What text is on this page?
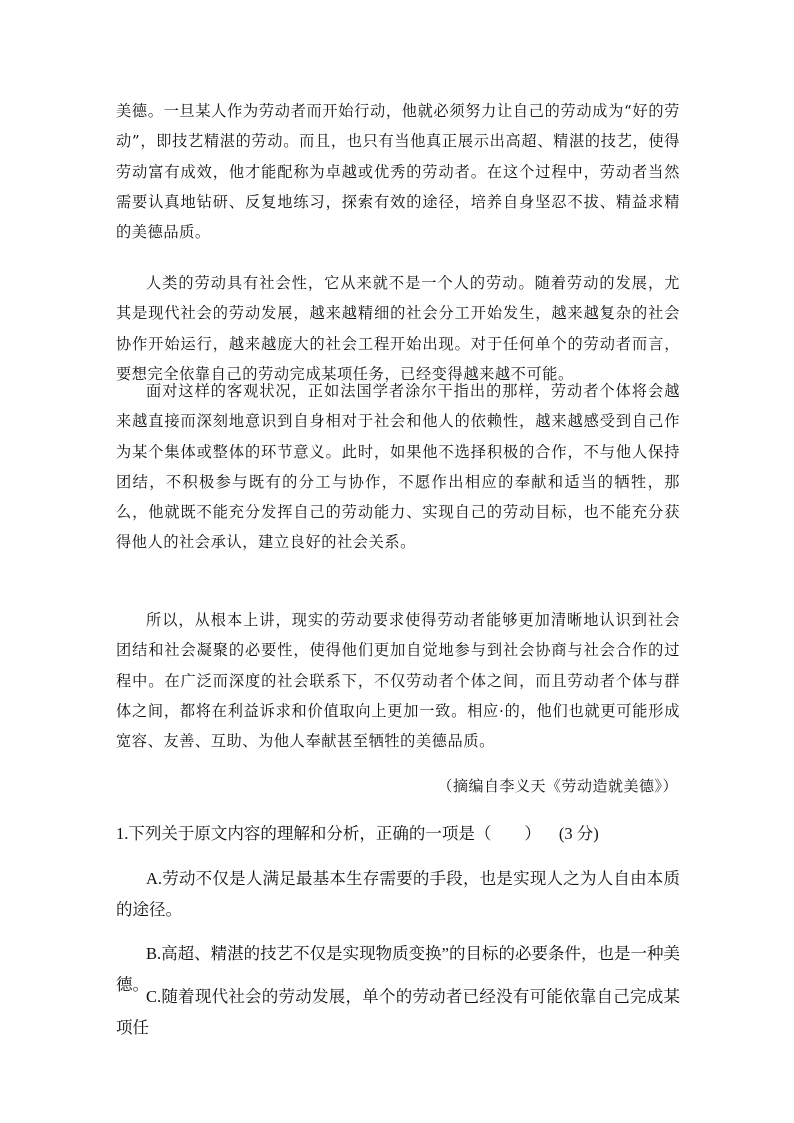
美德。一旦某人作为劳动者而开始行动，他就必须努力让自己的劳动成为“好的劳动”，即技艺精湛的劳动。而且，也只有当他真正展示出高超、精湛的技艺，使得劳动富有成效，他才能配称为卓越或优秀的劳动者。在这个过程中，劳动者当然需要认真地钻研、反复地练习，探索有效的途径，培养自身坚忍不拔、精益求精的美德品质。

人类的劳动具有社会性，它从来就不是一个人的劳动。随着劳动的发展，尤其是现代社会的劳动发展，越来越精细的社会分工开始发生，越来越复杂的社会协作开始运行，越来越庞大的社会工程开始出现。对于任何单个的劳动者而言，要想完全依靠自己的劳动完成某项任务，已经变得越来越不可能。

面对这样的客观状况，正如法国学者涂尔干指出的那样，劳动者个体将会越来越直接而深刻地意识到自身相对于社会和他人的依赖性，越来越感受到自己作为某个集体或整体的环节意义。此时，如果他不选择积极的合作，不与他人保持团结，不积极参与既有的分工与协作，不愿作出相应的奉献和适当的牺牲，那么，他就既不能充分发挥自己的劳动能力、实现自己的劳动目标，也不能充分获得他人的社会承认，建立良好的社会关系。

所以，从根本上讲，现实的劳动要求使得劳动者能够更加清晰地认识到社会团结和社会凝聚的必要性，使得他们更加自觉地参与到社会协商与社会合作的过程中。在广泛而深度的社会联系下，不仅劳动者个体之间，而且劳动者个体与群体之间，都将在利益诉求和价值取向上更加一致。相应·的，他们也就更可能形成宽容、友善、互助、为他人奉献甚至牺牲的美德品质。

（摘编自李义天《劳动造就美德》）
1.下列关于原文内容的理解和分析，正确的一项是（　　） (3 分)

A.劳动不仅是人满足最基本生存需要的手段，也是实现人之为人自由本质的途径。

B.高超、精湛的技艺不仅是实现物质变换”的目标的必要条件，也是一种美德。

C.随着现代社会的劳动发展，单个的劳动者已经没有可能依靠自己完成某项任
